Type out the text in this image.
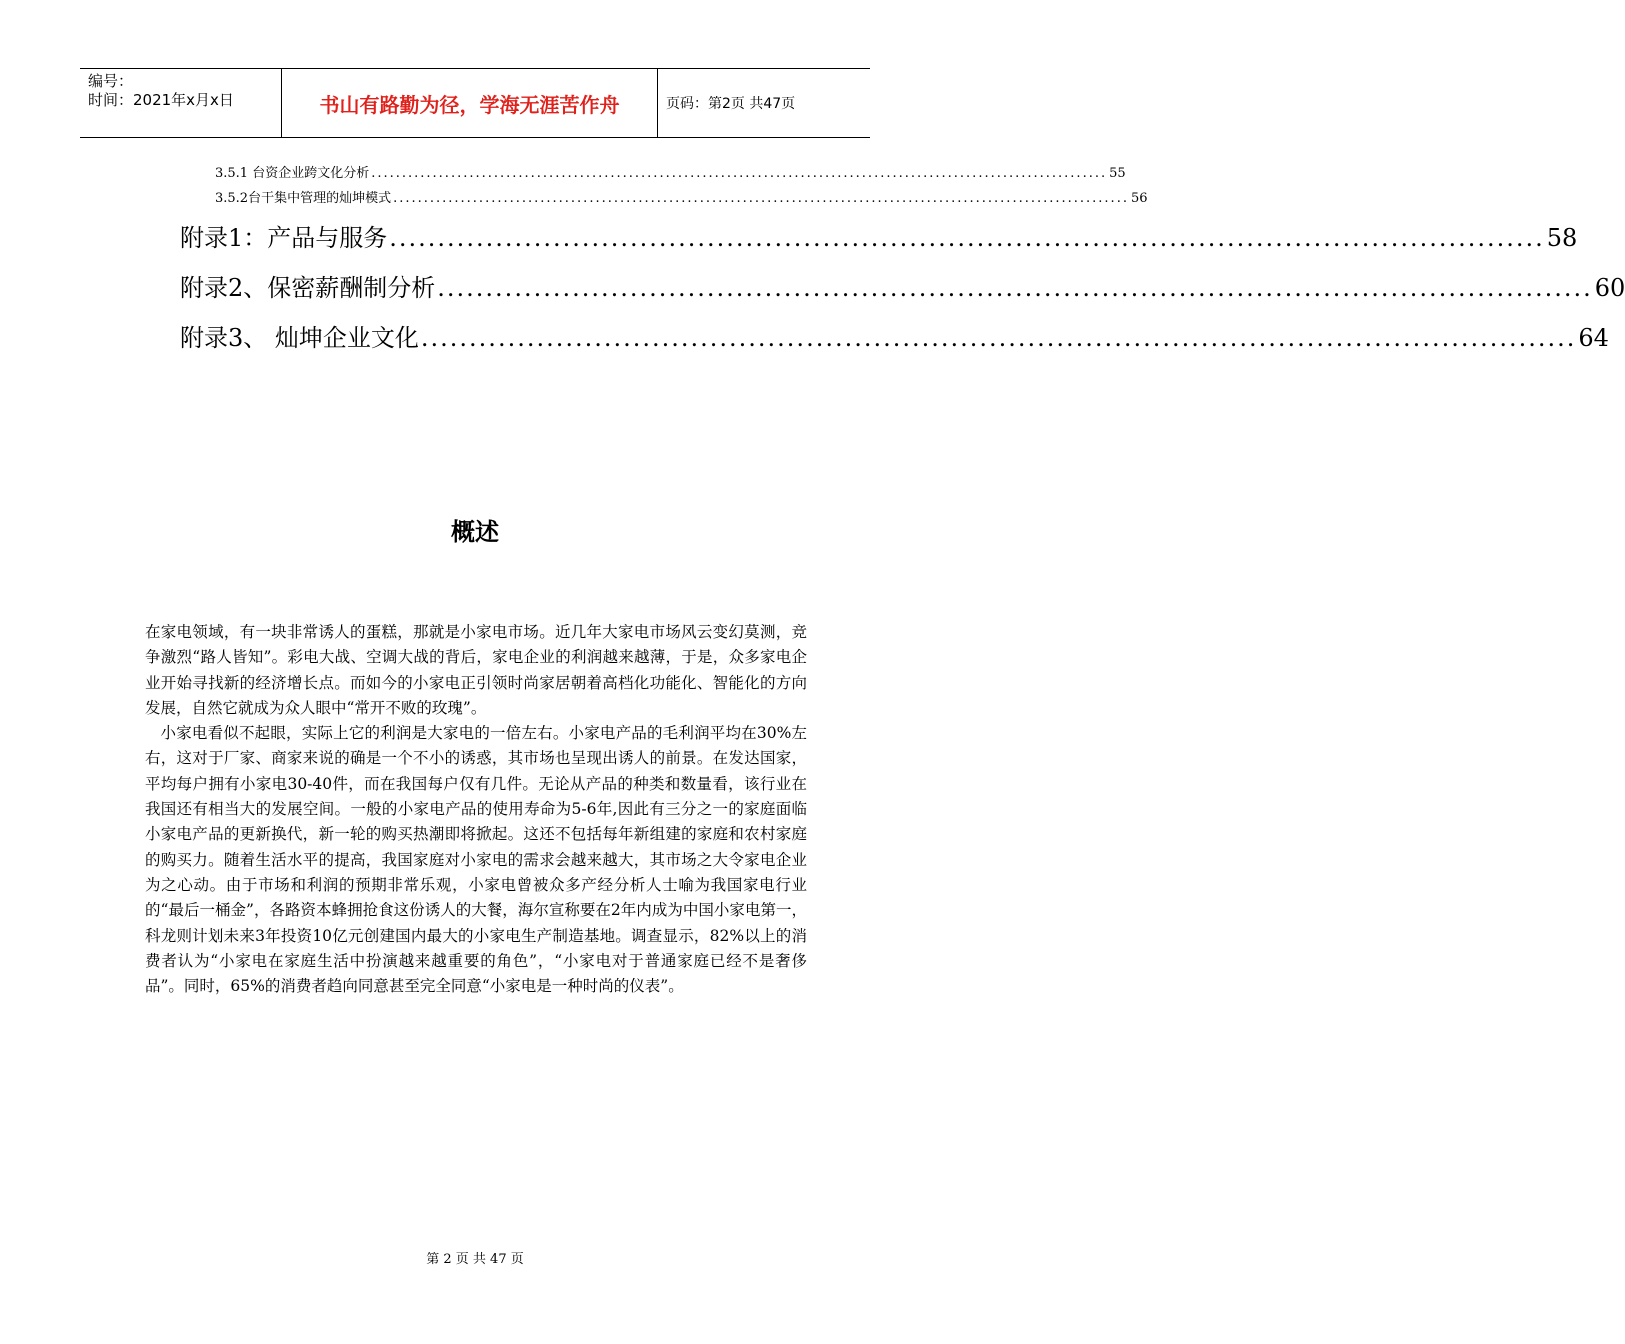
编号：
时间：2021年x月x日	书山有路勤为径，学海无涯苦作舟	页码：第2页 共47页
3.5.1 台资企业跨文化分析 ........................................................................................................................ 55
3.5.2台干集中管理的灿坤模式 ........................................................................................................................ 56
附录1：产品与服务 ........................................................................................................................ 58
附录2、保密薪酬制分析 ........................................................................................................................ 60
附录3、 灿坤企业文化 ........................................................................................................................ 64
概述

在家电领域，有一块非常诱人的蛋糕，那就是小家电市场。近几年大家电市场风云变幻莫测，竞争激烈“路人皆知”。彩电大战、空调大战的背后，家电企业的利润越来越薄，于是，众多家电企业开始寻找新的经济增长点。而如今的小家电正引领时尚家居朝着高档化功能化、智能化的方向发展，自然它就成为众人眼中“常开不败的玫瑰”。

小家电看似不起眼，实际上它的利润是大家电的一倍左右。小家电产品的毛利润平均在30%左右，这对于厂家、商家来说的确是一个不小的诱惑，其市场也呈现出诱人的前景。在发达国家，平均每户拥有小家电30-40件，而在我国每户仅有几件。无论从产品的种类和数量看，该行业在我国还有相当大的发展空间。一般的小家电产品的使用寿命为5-6年,因此有三分之一的家庭面临小家电产品的更新换代，新一轮的购买热潮即将掀起。这还不包括每年新组建的家庭和农村家庭的购买力。随着生活水平的提高，我国家庭对小家电的需求会越来越大，其市场之大令家电企业为之心动。由于市场和利润的预期非常乐观，小家电曾被众多产经分析人士喻为我国家电行业的“最后一桶金”，各路资本蜂拥抢食这份诱人的大餐，海尔宣称要在2年内成为中国小家电第一，科龙则计划未来3年投资10亿元创建国内最大的小家电生产制造基地。调查显示，82%以上的消费者认为“小家电在家庭生活中扮演越来越重要的角色”，“小家电对于普通家庭已经不是奢侈品”。同时，65%的消费者趋向同意甚至完全同意“小家电是一种时尚的仪表”。

第 2 页 共 47 页
